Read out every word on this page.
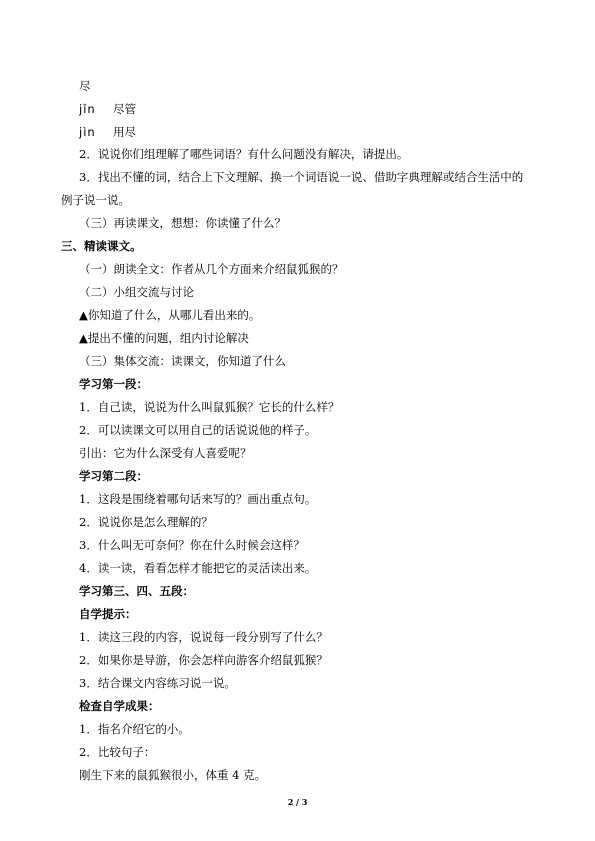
尽
jǐn 尽管
jìn 用尽
2．说说你们组理解了哪些词语？有什么问题没有解决，请提出。
3．找出不懂的词，结合上下文理解、换一个词语说一说、借助字典理解或结合生活中的
例子说一说。
（三）再读课文，想想：你读懂了什么？
三、精读课文。
（一）朗读全文：作者从几个方面来介绍鼠狐猴的？
（二）小组交流与讨论
▲你知道了什么，从哪儿看出来的。
▲提出不懂的问题，组内讨论解决
（三）集体交流：读课文，你知道了什么
学习第一段：
1．自己读，说说为什么叫鼠狐猴？它长的什么样？
2．可以读课文可以用自己的话说说他的样子。
引出：它为什么深受有人喜爱呢？
学习第二段：
1．这段是围绕着哪句话来写的？画出重点句。
2．说说你是怎么理解的？
3．什么叫无可奈何？你在什么时候会这样？
4．读一读，看看怎样才能把它的灵活读出来。
学习第三、四、五段：
自学提示：
1．读这三段的内容，说说每一段分别写了什么？
2．如果你是导游，你会怎样向游客介绍鼠狐猴？
3．结合课文内容练习说一说。
检查自学成果：
1．指名介绍它的小。
2．比较句子：
刚生下来的鼠狐猴很小，体重 4 克。
2 / 3
